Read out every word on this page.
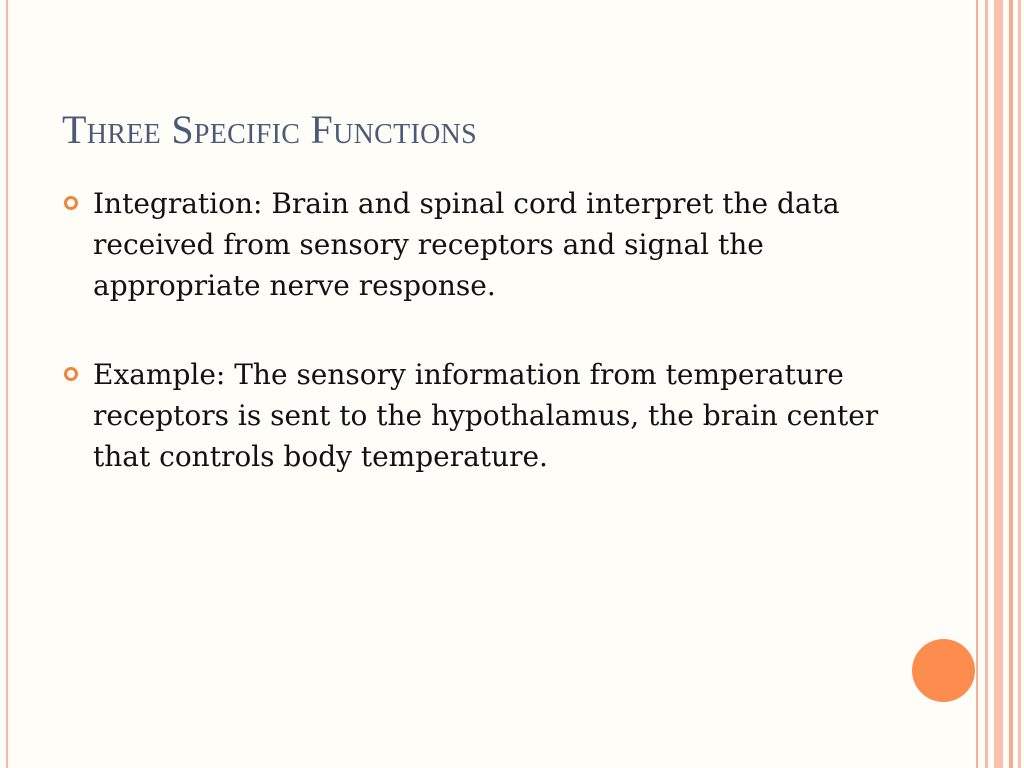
Three Specific Functions
Integration: Brain and spinal cord interpret the data received from sensory receptors and signal the appropriate nerve response.
Example: The sensory information from temperature receptors is sent to the hypothalamus, the brain center that controls body temperature.
